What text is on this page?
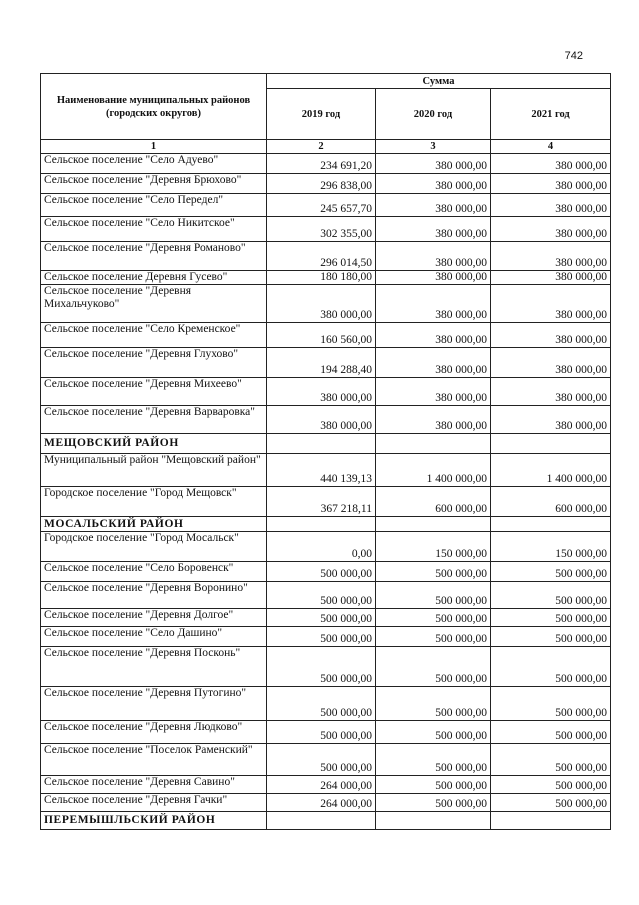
742
Наименование муниципальных районов (городских округов)	Сумма		
	2019 год	2020 год	2021 год
1	2	3	4
Сельское поселение "Село Адуево"	234 691,20	380 000,00	380 000,00
Сельское поселение "Деревня Брюхово"	296 838,00	380 000,00	380 000,00
Сельское поселение "Село Передел"	245 657,70	380 000,00	380 000,00
Сельское поселение "Село Никитское"	302 355,00	380 000,00	380 000,00
Сельское поселение "Деревня Романово"	296 014,50	380 000,00	380 000,00
Сельское поселение Деревня Гусево"	180 180,00	380 000,00	380 000,00
Сельское поселение "Деревня Михальчуково"	380 000,00	380 000,00	380 000,00
Сельское поселение "Село Кременское"	160 560,00	380 000,00	380 000,00
Сельское поселение "Деревня Глухово"	194 288,40	380 000,00	380 000,00
Сельское поселение "Деревня Михеево"	380 000,00	380 000,00	380 000,00
Сельское поселение "Деревня Варваровка"	380 000,00	380 000,00	380 000,00
МЕЩОВСКИЙ РАЙОН			
Муниципальный район "Мещовский район"	440 139,13	1 400 000,00	1 400 000,00
Городское поселение "Город Мещовск"	367 218,11	600 000,00	600 000,00
МОСАЛЬСКИЙ РАЙОН			
Городское поселение "Город Мосальск"	0,00	150 000,00	150 000,00
Сельское поселение "Село Боровенск"	500 000,00	500 000,00	500 000,00
Сельское поселение "Деревня Воронино"	500 000,00	500 000,00	500 000,00
Сельское поселение "Деревня Долгое"	500 000,00	500 000,00	500 000,00
Сельское поселение "Село Дашино"	500 000,00	500 000,00	500 000,00
Сельское поселение "Деревня Посконь"	500 000,00	500 000,00	500 000,00
Сельское поселение "Деревня Путогино"	500 000,00	500 000,00	500 000,00
Сельское поселение "Деревня Людково"	500 000,00	500 000,00	500 000,00
Сельское поселение "Поселок Раменский"	500 000,00	500 000,00	500 000,00
Сельское поселение "Деревня Савино"	264 000,00	500 000,00	500 000,00
Сельское поселение "Деревня Гачки"	264 000,00	500 000,00	500 000,00
ПЕРЕМЫШЛЬСКИЙ РАЙОН			
